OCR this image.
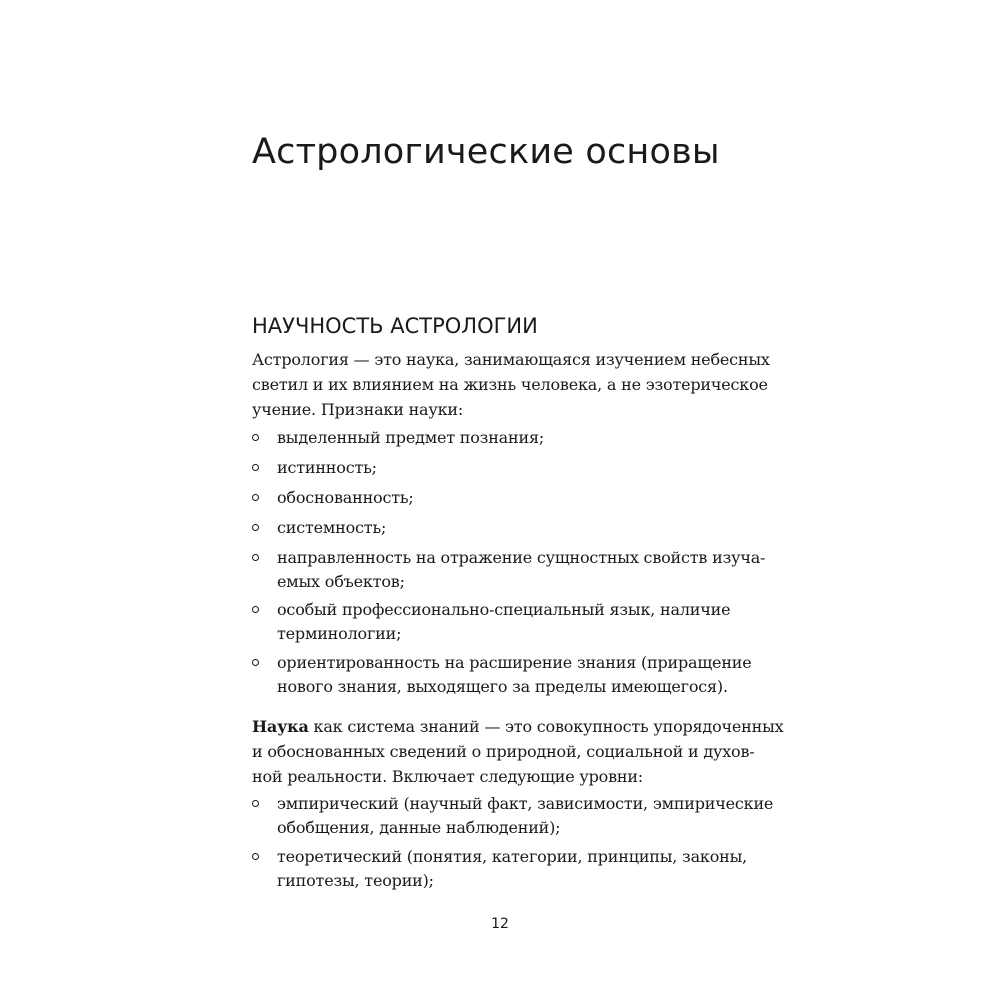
Астрологические основы
НАУЧНОСТЬ АСТРОЛОГИИ
Астрология — это наука, занимающаяся изучением небесных
светил и их влиянием на жизнь человека, а не эзотерическое
учение. Признаки науки:
выделенный предмет познания;
истинность;
обоснованность;
системность;
направленность на отражение сущностных свойств изуча-
емых объектов;
особый профессионально-специальный язык, наличие
терминологии;
ориентированность на расширение знания (приращение
нового знания, выходящего за пределы имеющегося).
Наука как система знаний — это совокупность упорядоченных
и обоснованных сведений о природной, социальной и духов-
ной реальности. Включает следующие уровни:
эмпирический (научный факт, зависимости, эмпирические
обобщения, данные наблюдений);
теоретический (понятия, категории, принципы, законы,
гипотезы, теории);
12
